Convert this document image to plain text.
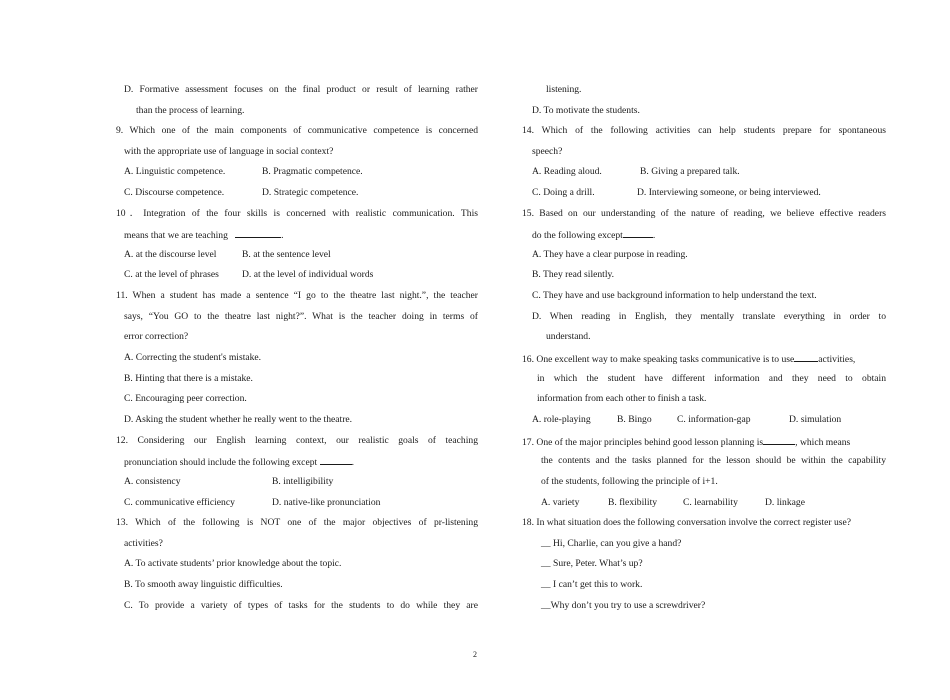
D. Formative assessment focuses on the final product or result of learning rather
than the process of learning.
9. Which one of the main components of communicative competence is concerned
with the appropriate use of language in social context?
A. Linguistic competence.	B. Pragmatic competence.
C. Discourse competence.	D. Strategic competence.
10．Integration of the four skills is concerned with realistic communication. This
means that we are teaching	.
A. at the discourse level	B. at the sentence level
C. at the level of phrases D. at the level of individual words
11. When a student has made a sentence “I go to the theatre last night.”, the teacher
says, “You GO to the theatre last night?”. What is the teacher doing in terms of
error correction?
A. Correcting the student's mistake.
B. Hinting that there is a mistake.
C. Encouraging peer correction.
D. Asking the student whether he really went to the theatre.
12. Considering our English learning context, our realistic goals of teaching
pronunciation should include the following except	.
A. consistency	B. intelligibility
C. communicative efficiency	D. native-like pronunciation
13. Which of the following is NOT one of the major objectives of pr-listening
activities?
A. To activate students’ prior knowledge about the topic.
B. To smooth away linguistic difficulties.
C. To provide a variety of types of tasks for the students to do while they are
listening.
D. To motivate the students.
14. Which of the following activities can help students prepare for spontaneous
speech?
A. Reading aloud.	B. Giving a prepared talk.
C. Doing a drill.	D. Interviewing someone, or being interviewed.
15. Based on our understanding of the nature of reading, we believe effective readers
do the following except	.
A. They have a clear purpose in reading.
B. They read silently.
C. They have and use background information to help understand the text.
D. When reading in English, they mentally translate everything in order to
understand.
16. One excellent way to make speaking tasks communicative is to use	activities,
in which the student have different information and they need to obtain
information from each other to finish a task.
A. role-playing	B. Bingo	C. information-gap	D. simulation
17. One of the major principles behind good lesson planning is	, which means
the contents and the tasks planned for the lesson should be within the capability
of the students, following the principle of i+1.
A. variety	B. flexibility	C. learnability	D. linkage
18. In what situation does the following conversation involve the correct register use?
__ Hi, Charlie, can you give a hand?
__ Sure, Peter. What’s up?
__ I can’t get this to work.
__Why don’t you try to use a screwdriver?
2
